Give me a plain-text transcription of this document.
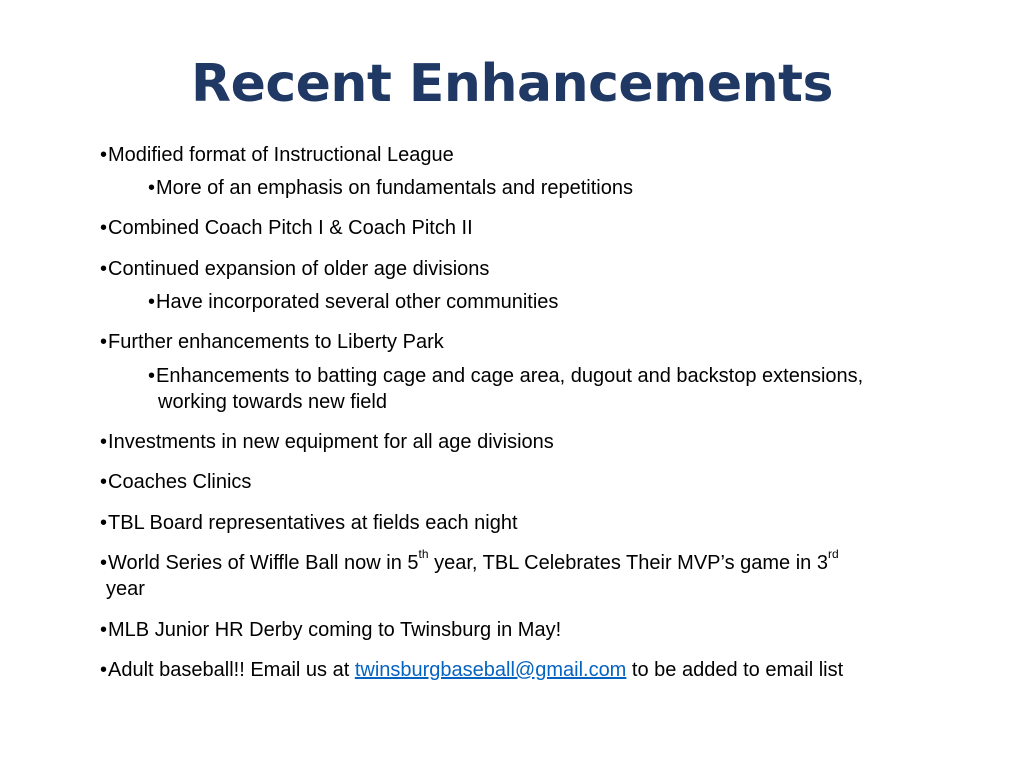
Recent Enhancements
•Modified format of Instructional League
•More of an emphasis on fundamentals and repetitions
•Combined Coach Pitch I & Coach Pitch II
•Continued expansion of older age divisions
•Have incorporated several other communities
•Further enhancements to Liberty Park
•Enhancements to batting cage and cage area, dugout and backstop extensions,
working towards new field
•Investments in new equipment for all age divisions
•Coaches Clinics
•TBL Board representatives at fields each night
•World Series of Wiffle Ball now in 5th year, TBL Celebrates Their MVP’s game in 3rd
year
•MLB Junior HR Derby coming to Twinsburg in May!
•Adult baseball!! Email us at twinsburgbaseball@gmail.com to be added to email list
